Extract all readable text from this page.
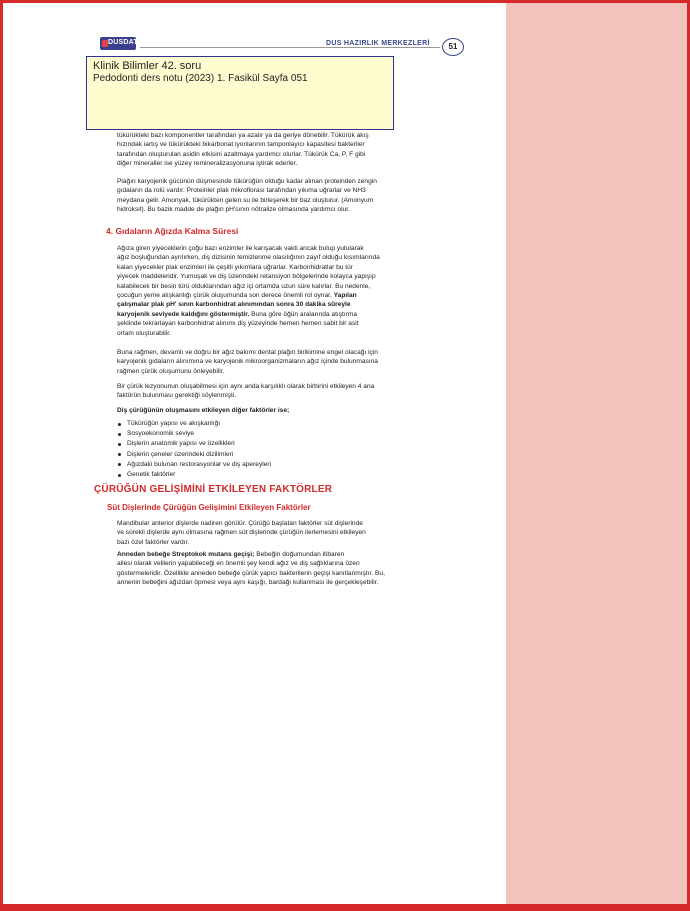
DUSDATA	DUS HAZIRLIK MERKEZLERİ	51
Klinik Bilimler 42. soru
Pedodonti ders notu (2023) 1. Fasikül Sayfa 051

tükürükteki bazı komponentler tarafından ya azalır ya da geriye dönebilir. Tükürük akış

hızındak iartış ve tükürükteki bikarbonat iyonlarının tamponlayıcı kapasitesi bakteriler

tarafından oluşturulan asidin etkisini azaltmaya yardımcı olurlar. Tükürük Ca, P, F gibi

diğer mineraller ise yüzey remineralizasyonuna iştirak ederler.

Plağın karyojenik gücünün düşmesinde tükürüğün olduğu kadar alınan proteinden zengin

gıdaların da rolü vardır. Proteinler plak mikroflorası tarafından yıkıma uğrarlar ve NH3

meydana gelir. Amonyak, tükürükten gelen su ile birleşerek bir baz oluşturur. (Amonyum

hidroksit). Bu bazik madde de plağın pH'sının nötralize olmasında yardımcı olur.

4. Gıdaların Ağızda Kalma Süresi

Ağıza giren yiyeceklerin çoğu bazı enzimler ile karışacak vakti ancak bulup yutularak

ağız boşluğundan ayrılırken, diş dizisinin temizlenme olasılığının zayıf olduğu kısımlarında

kalan yiyecekler plak enzimleri ile çeşitli yıkımlara uğrarlar. Karbonhidratlar bu tür

yiyecek maddeleridir. Yumuşak ve diş üzerindeki retansiyon bölgelerinde kolayca yapışıp

kalabilecek bir besin türü olduklarından ağız içi ortamda uzun süre kalırlar. Bu nedenle,

çocuğun yeme alışkanlığı çürük oluşumunda son derece önemli rol oynar. Yapılan

çalışmalar plak pH' sının karbonhidrat alınımından sonra 30 dakika süreyle

karyojenik seviyede kaldığını göstermiştir. Buna göre öğün aralarında atıştırma

şeklinde tekrarlayan karbonhidrat alınımı diş yüzeyinde hemen hemen sabit bir asit

ortam oluşturabilir.

Buna rağmen, devamlı ve doğru bir ağız bakımı dental plağın birikimine engel olacağı için

karyojenik gıdaların alınımına ve karyojenik mikroorganizmaların ağız içinde bulunmasına

rağmen çürük oluşumunu önleyebilir.

Bir çürük lezyonunun oluşabilmesi için aynı anda karşılıklı olarak birbirini etkileyen 4 ana

faktörün bulunması gerektiği söylenmişti.

Diş çürüğünün oluşmasını etkileyen diğer faktörler ise;
Tükürüğün yapısı ve akışkanlığı
Sosyoekonomik seviye
Dişlerin anatomik yapısı ve özellikleri
Dişlerin çeneler üzerindeki dizilimleri
Ağızdaki bulunan restorasyonlar ve diş apereyleri
Genetik faktörler
ÇÜRÜĞÜN GELİŞİMİNİ ETKİLEYEN FAKTÖRLER
Süt Dişlerinde Çürüğün Gelişimini Etkileyen Faktörler

Mandibular anterior dişlerde nadiren görülür. Çürüğü başlatan faktörler süt dişlerinde

ve sürekli dişlerde aynı olmasına rağmen süt dişlerinde çürüğün ilerlemesini etkileyen

bazı özel faktörler vardır.

Anneden bebeğe Streptokok mutans geçişi; Bebeğin doğumundan itibaren

ailesi olarak velilerin yapabileceği en önemli şey kendi ağız ve diş sağlıklarına özen

göstermeleridir. Özellikle anneden bebeğe çürük yapıcı bakterilerin geçişi kanıtlanmıştır. Bu,

annenin bebeğini ağızdan öpmesi veya aynı kaşığı, bardağı kullanması ile gerçekleşebilir.
